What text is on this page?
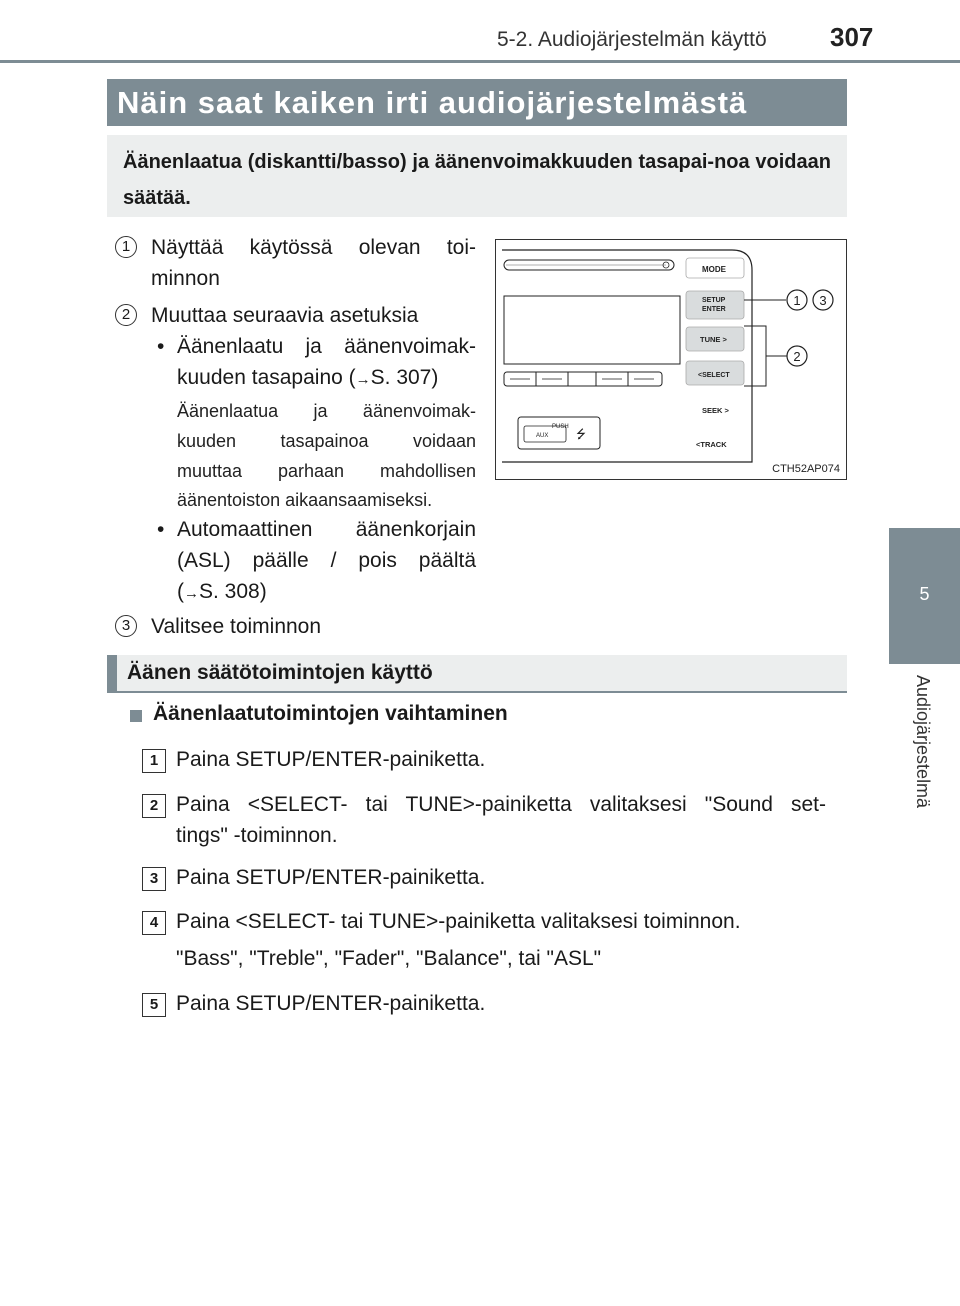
5-2. Audiojärjestelmän käyttö 307
5
Audiojärjestelmä
Näin saat kaiken irti audiojärjestelmästä
Äänenlaatua (diskantti/basso) ja äänenvoimakkuuden tasapai-noa voidaan säätää.
1 Näyttää käytössä olevan toi-
minnon
2 Muuttaa seuraavia asetuksia
• Äänenlaatu ja äänenvoimak-
kuuden tasapaino (→S. 307)
Äänenlaatua ja äänenvoimak-
kuuden tasapainoa voidaan
muuttaa parhaan mahdollisen
äänentoiston aikaansaamiseksi.
• Automaattinen äänenkorjain
(ASL) päälle / pois päältä
(→S. 308)
3 Valitsee toiminnon
PUSH
AUX ⭍
MODE
SETUP
ENTER
TUNE >
<SELECT
SEEK >
<TRACK
1 3
2
CTH52AP074
Äänen säätötoimintojen käyttö
Äänenlaatutoimintojen vaihtaminen
1 Paina SETUP/ENTER-painiketta.
2 Paina <SELECT- tai TUNE>-painiketta valitaksesi "Sound set-
tings" -toiminnon.
3 Paina SETUP/ENTER-painiketta.
4 Paina <SELECT- tai TUNE>-painiketta valitaksesi toiminnon.
"Bass", "Treble", "Fader", "Balance", tai "ASL"
5 Paina SETUP/ENTER-painiketta.
